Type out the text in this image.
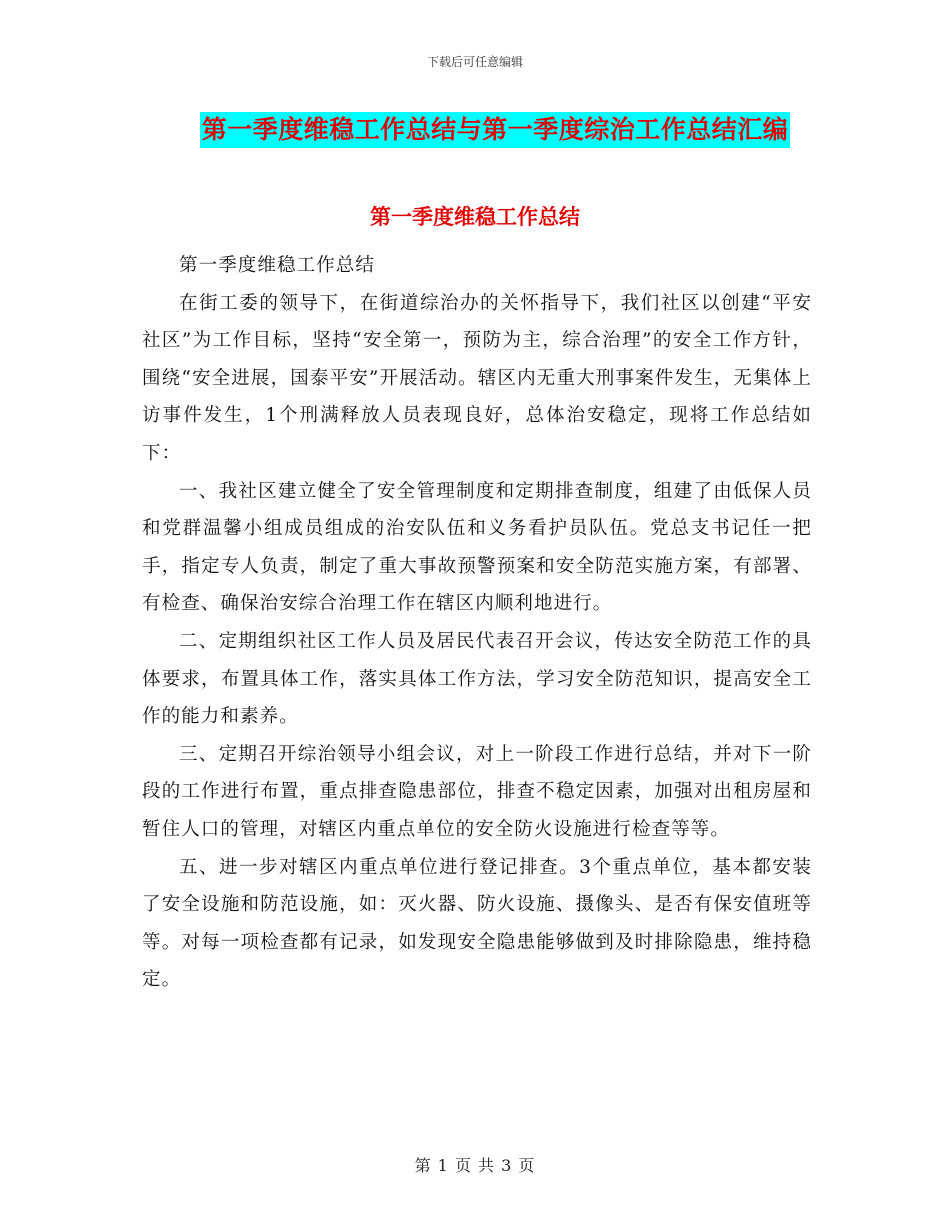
下载后可任意编辑
第一季度维稳工作总结与第一季度综治工作总结汇编
第一季度维稳工作总结

第一季度维稳工作总结

在街工委的领导下，在街道综治办的关怀指导下，我们社区以创建“平安社区”为工作目标，坚持“安全第一，预防为主，综合治理”的安全工作方针，围绕“安全进展，国泰平安”开展活动。辖区内无重大刑事案件发生，无集体上访事件发生，1个刑满释放人员表现良好，总体治安稳定，现将工作总结如下：

一、我社区建立健全了安全管理制度和定期排查制度，组建了由低保人员和党群温馨小组成员组成的治安队伍和义务看护员队伍。党总支书记任一把手，指定专人负责，制定了重大事故预警预案和安全防范实施方案，有部署、有检查、确保治安综合治理工作在辖区内顺利地进行。

二、定期组织社区工作人员及居民代表召开会议，传达安全防范工作的具体要求，布置具体工作，落实具体工作方法，学习安全防范知识，提高安全工作的能力和素养。

三、定期召开综治领导小组会议，对上一阶段工作进行总结，并对下一阶段的工作进行布置，重点排查隐患部位，排查不稳定因素，加强对出租房屋和暂住人口的管理，对辖区内重点单位的安全防火设施进行检查等等。

五、进一步对辖区内重点单位进行登记排查。3个重点单位，基本都安装了安全设施和防范设施，如：灭火器、防火设施、摄像头、是否有保安值班等等。对每一项检查都有记录，如发现安全隐患能够做到及时排除隐患，维持稳定。

第 1 页 共 3 页
